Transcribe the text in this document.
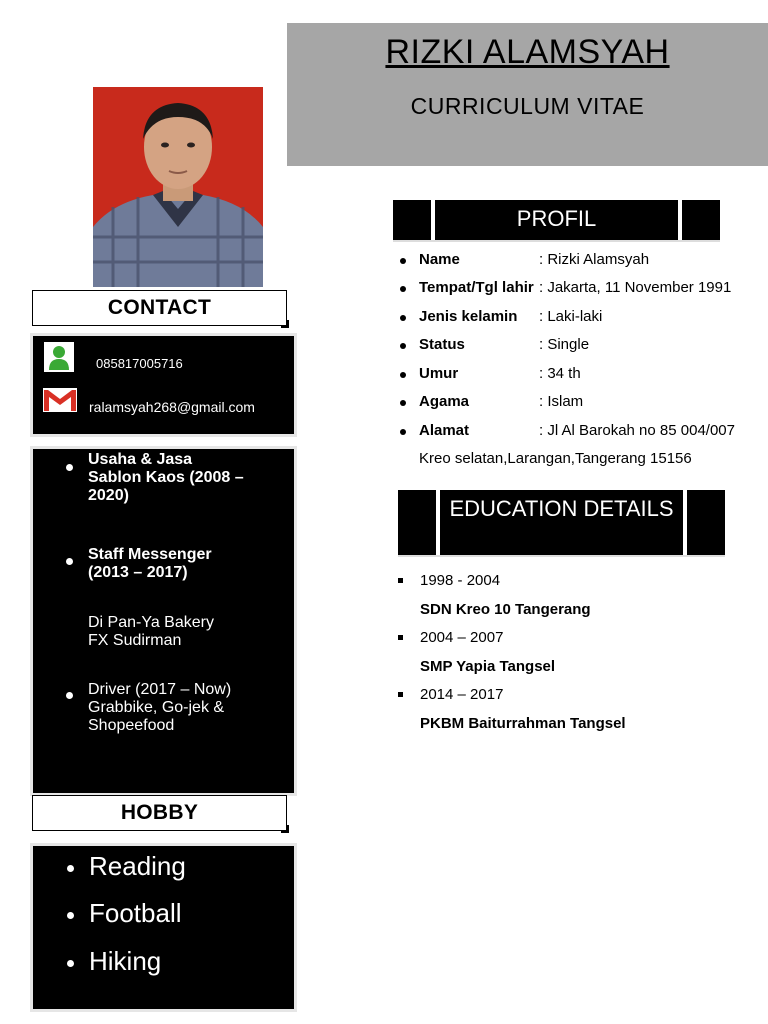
RIZKI ALAMSYAH
CURRICULUM VITAE
CONTACT
085817005716
ralamsyah268@gmail.com
Usaha & Jasa
Sablon Kaos (2008 –
2020)
Staff Messenger
(2013 – 2017)
Di Pan-Ya Bakery
FX Sudirman
Driver (2017 – Now)
Grabbike, Go-jek &
Shopeefood
HOBBY
Reading
Football
Hiking
PROFIL
Name	: Rizki Alamsyah
Tempat/Tgl lahir : Jakarta, 11 November 1991
Jenis kelamin : Laki-laki
Status	: Single
Umur	: 34 th
Agama	: Islam
Alamat	: Jl Al Barokah no 85 004/007
Kreo selatan,Larangan,Tangerang 15156
EDUCATION DETAILS
1998 - 2004
SDN Kreo 10 Tangerang
2004 – 2007
SMP Yapia Tangsel
2014 – 2017
PKBM Baiturrahman Tangsel
